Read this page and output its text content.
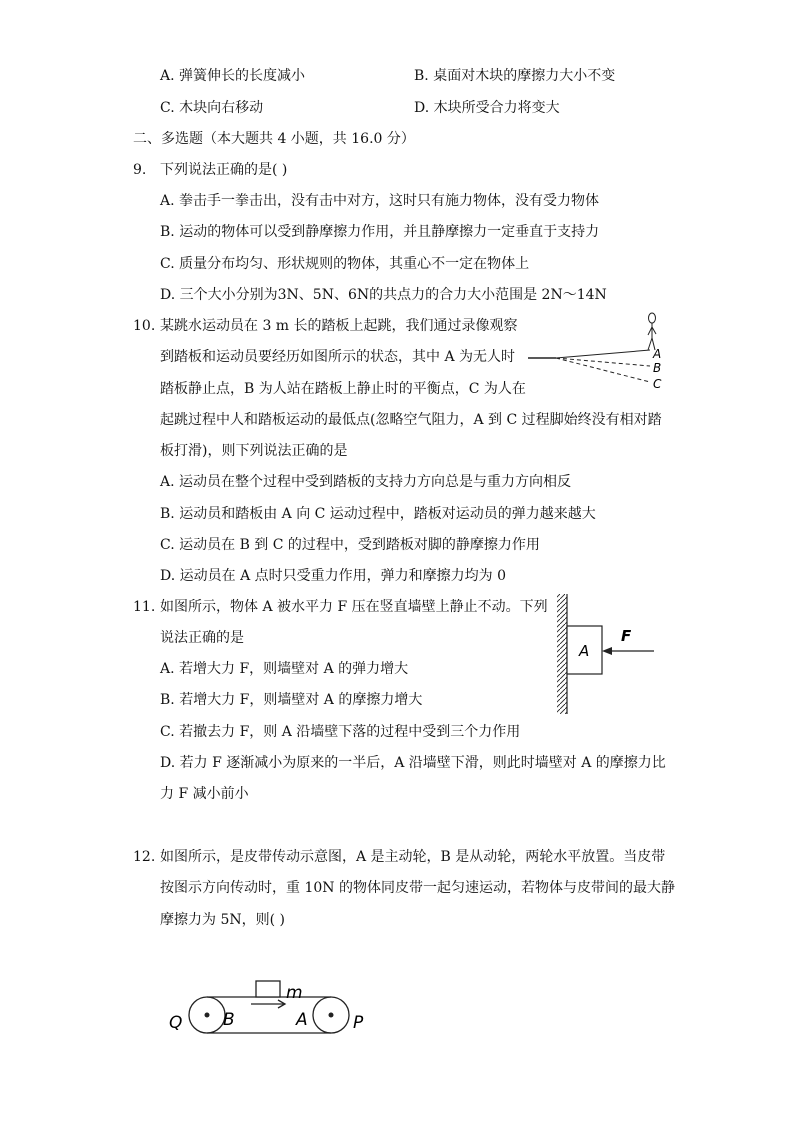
A. 弹簧伸长的长度减小	B. 桌面对木块的摩擦力大小不变
C. 木块向右移动	D. 木块所受合力将变大
二、多选题（本大题共 4 小题，共 16.0 分）
9. 下列说法正确的是( )
A. 拳击手一拳击出，没有击中对方，这时只有施力物体，没有受力物体
B. 运动的物体可以受到静摩擦力作用，并且静摩擦力一定垂直于支持力
C. 质量分布均匀、形状规则的物体，其重心不一定在物体上
D. 三个大小分别为3N、5N、6N的共点力的合力大小范围是 2N～14N
10. 某跳水运动员在 3 m 长的踏板上起跳，我们通过录像观察
到踏板和运动员要经历如图所示的状态，其中 A 为无人时
踏板静止点，B 为人站在踏板上静止时的平衡点，C 为人在
起跳过程中人和踏板运动的最低点(忽略空气阻力，A 到 C 过程脚始终没有相对踏
板打滑)，则下列说法正确的是
A. 运动员在整个过程中受到踏板的支持力方向总是与重力方向相反
B. 运动员和踏板由 A 向 C 运动过程中，踏板对运动员的弹力越来越大
C. 运动员在 B 到 C 的过程中，受到踏板对脚的静摩擦力作用
D. 运动员在 A 点时只受重力作用，弹力和摩擦力均为 0
A
B
C
11. 如图所示，物体 A 被水平力 F 压在竖直墙壁上静止不动。下列
说法正确的是
A. 若增大力 F，则墙壁对 A 的弹力增大
B. 若增大力 F，则墙壁对 A 的摩擦力增大
C. 若撤去力 F，则 A 沿墙壁下落的过程中受到三个力作用
D. 若力 F 逐渐减小为原来的一半后，A 沿墙壁下滑，则此时墙壁对 A 的摩擦力比
力 F 减小前小
A
F
12. 如图所示，是皮带传动示意图，A 是主动轮，B 是从动轮，两轮水平放置。当皮带
按图示方向传动时，重 10N 的物体同皮带一起匀速运动，若物体与皮带间的最大静
摩擦力为 5N，则( )
Q B	A	P
m
